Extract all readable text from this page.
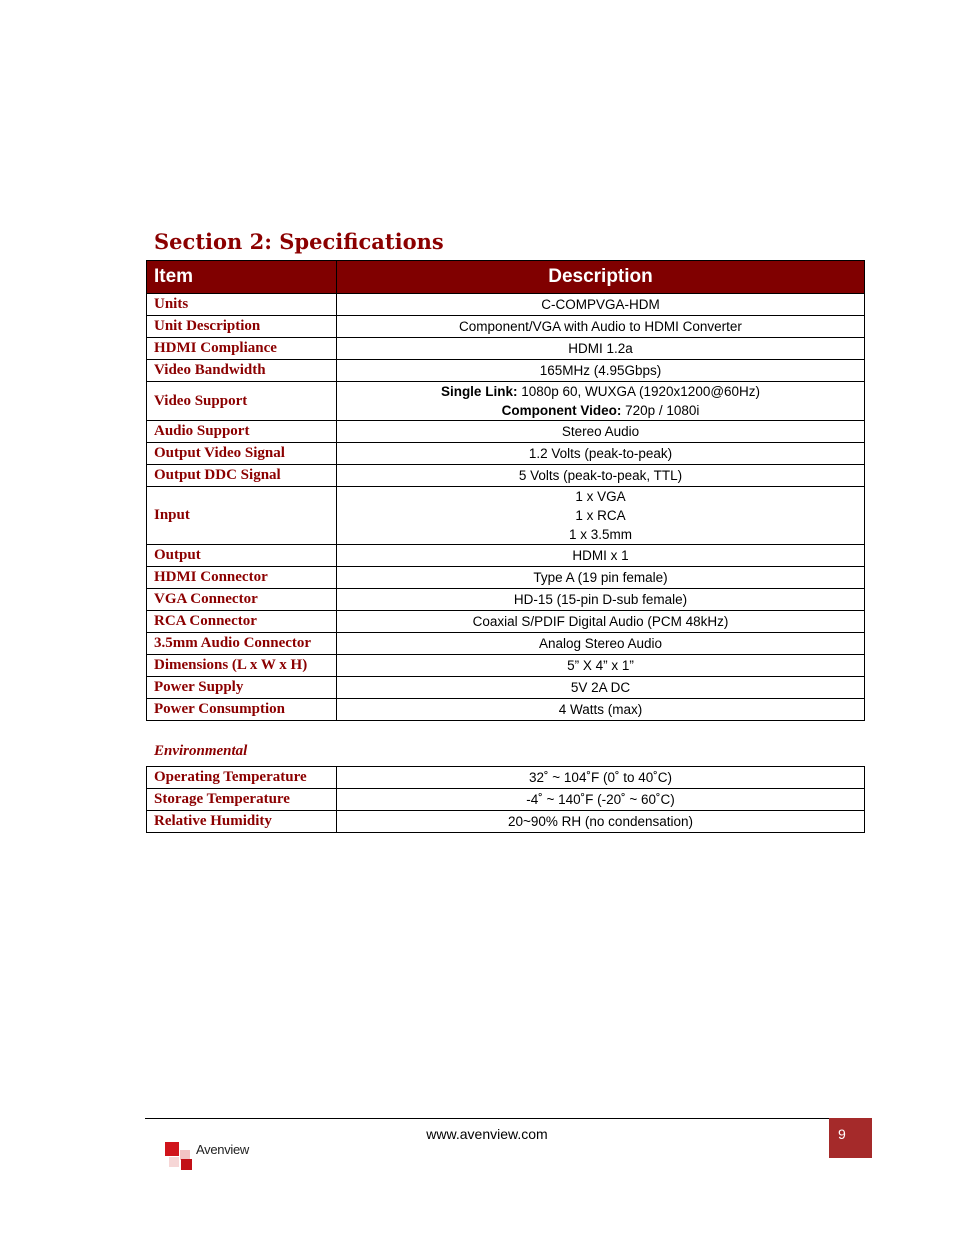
Section 2: Specifications
Item	Description
Units	C-COMPVGA-HDM
Unit Description	Component/VGA with Audio to HDMI Converter
HDMI Compliance	HDMI 1.2a
Video Bandwidth	165MHz (4.95Gbps)
Video Support	Single Link: 1080p 60, WUXGA (1920x1200@60Hz)
Component Video: 720p / 1080i

Audio Support	Stereo Audio
Output Video Signal	1.2 Volts (peak-to-peak)
Output DDC Signal	5 Volts (peak-to-peak, TTL)
Input	1 x VGA
1 x RCA
1 x 3.5mm

Output	HDMI x 1
HDMI Connector	Type A (19 pin female)
VGA Connector	HD-15 (15-pin D-sub female)
RCA Connector	Coaxial S/PDIF Digital Audio (PCM 48kHz)
3.5mm Audio Connector	Analog Stereo Audio
Dimensions (L x W x H)	5” X 4” x 1”
Power Supply	5V 2A DC
Power Consumption	4 Watts (max)
Environmental
Operating Temperature	32˚ ~ 104˚F (0˚ to 40˚C)
Storage Temperature	-4˚ ~ 140˚F (-20˚ ~ 60˚C)
Relative Humidity	20~90% RH (no condensation)
www.avenview.com	9
Avenview
